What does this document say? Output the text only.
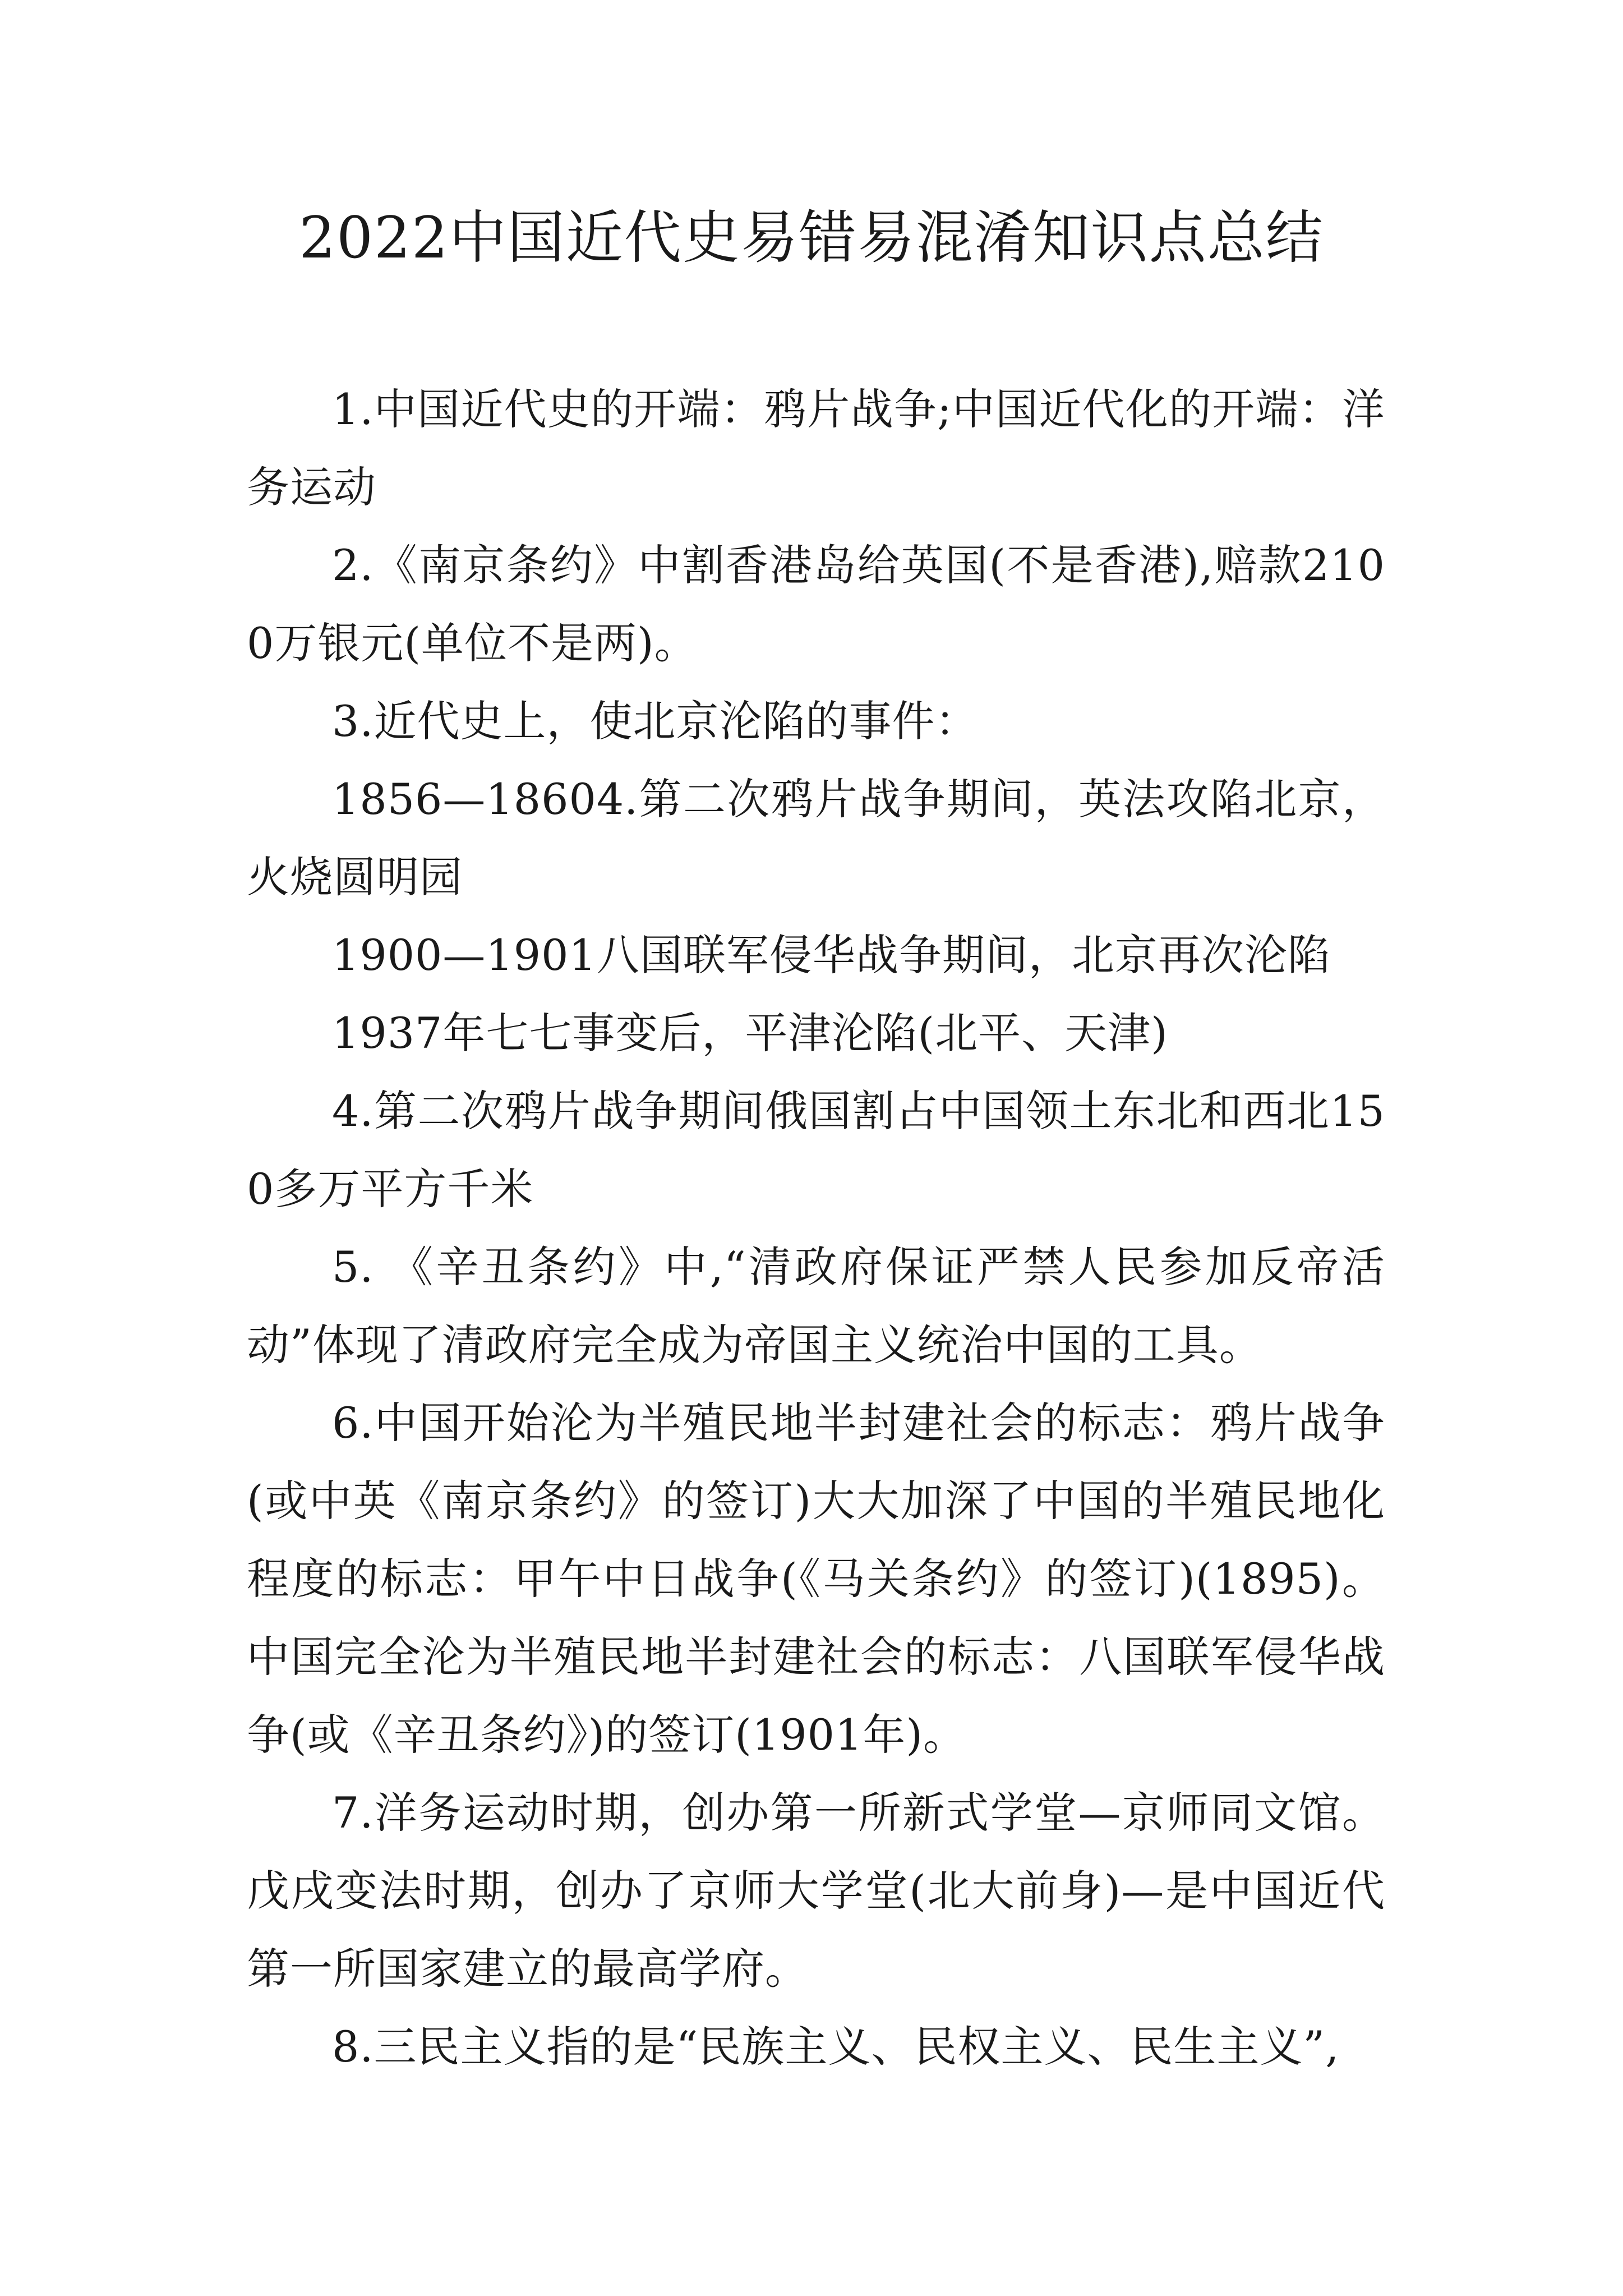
2022中国近代史易错易混淆知识点总结

1.中国近代史的开端：鸦片战争;中国近代化的开端：洋务运动

2.《南京条约》中割香港岛给英国(不是香港),赔款2100万银元(单位不是两)。

3.近代史上，使北京沦陷的事件：

1856—18604.第二次鸦片战争期间，英法攻陷北京，火烧圆明园

1900—1901八国联军侵华战争期间，北京再次沦陷

1937年七七事变后，平津沦陷(北平、天津)

4.第二次鸦片战争期间俄国割占中国领土东北和西北150多万平方千米

5. 《辛丑条约》中,“清政府保证严禁人民参加反帝活动”体现了清政府完全成为帝国主义统治中国的工具。

6.中国开始沦为半殖民地半封建社会的标志：鸦片战争(或中英《南京条约》的签订)大大加深了中国的半殖民地化程度的标志：甲午中日战争(《马关条约》的签订)(1895)。中国完全沦为半殖民地半封建社会的标志：八国联军侵华战争(或《辛丑条约》)的签订(1901年)。

7.洋务运动时期，创办第一所新式学堂—京师同文馆。戊戌变法时期，创办了京师大学堂(北大前身)—是中国近代第一所国家建立的最高学府。

8.三民主义指的是“民族主义、民权主义、民生主义”,
